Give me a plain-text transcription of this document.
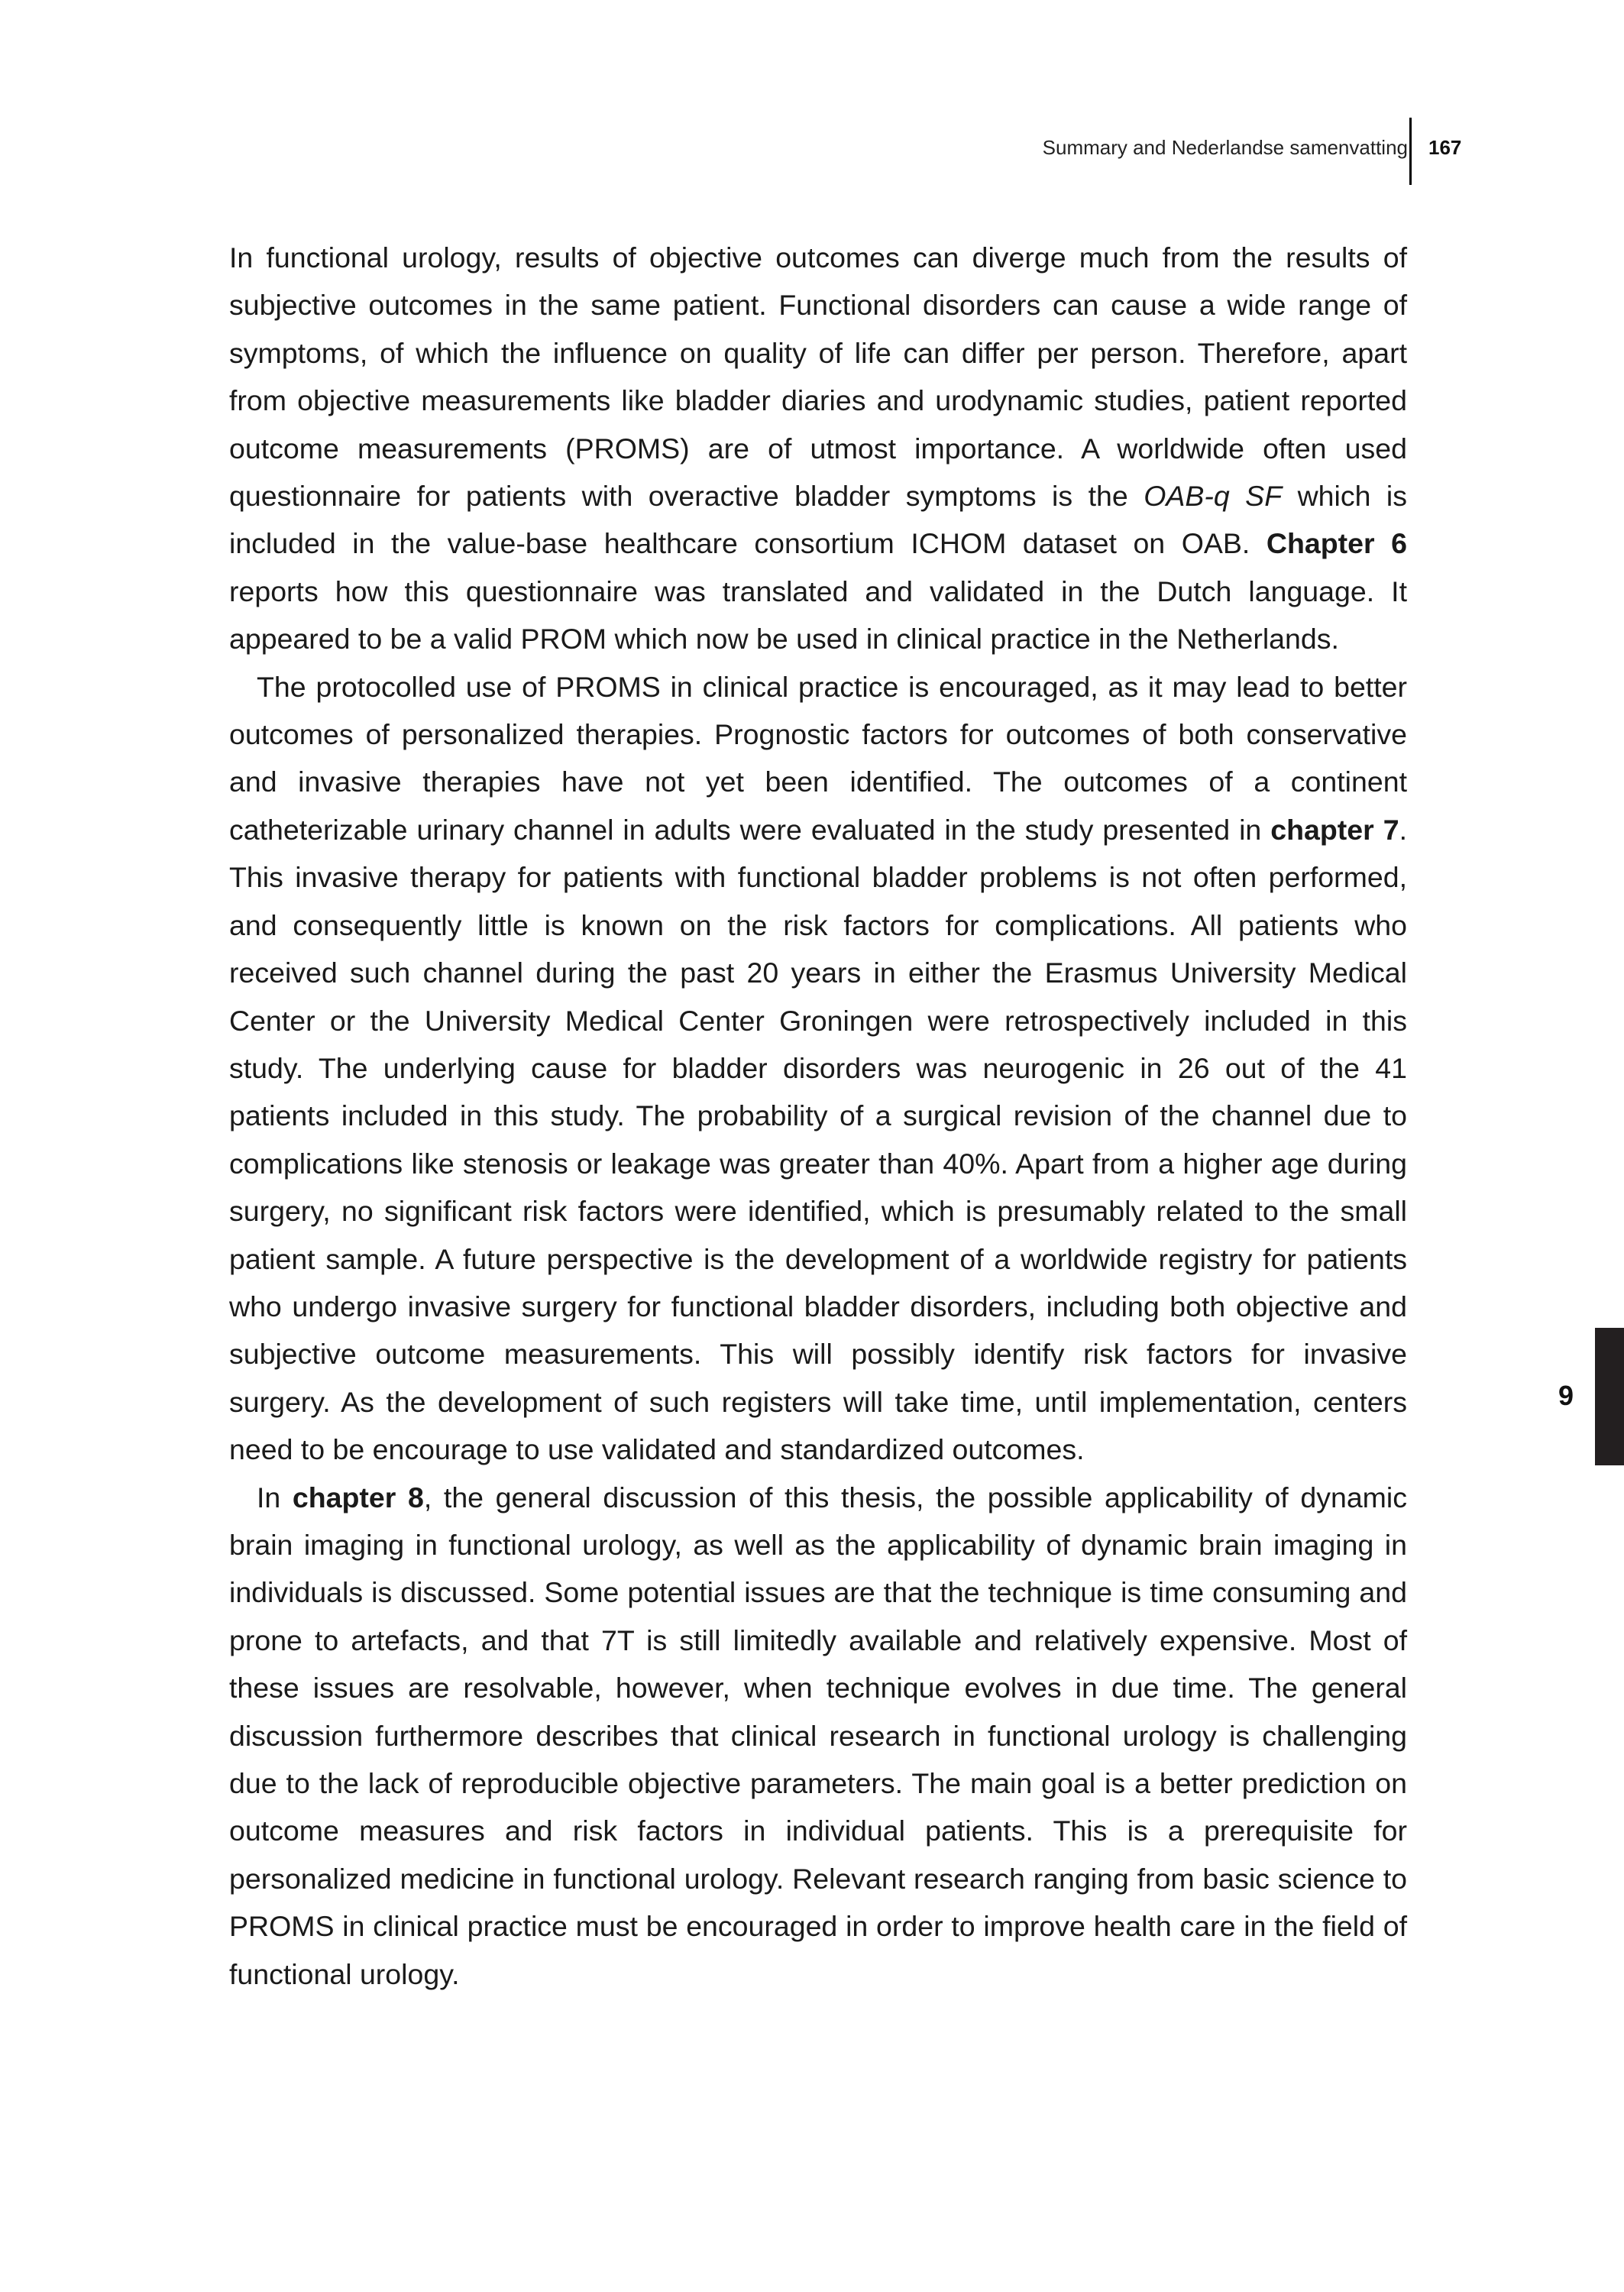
Summary and Nederlandse samenvatting 167

In functional urology, results of objective outcomes can diverge much from the results of subjective outcomes in the same patient. Functional disorders can cause a wide range of symptoms, of which the influence on quality of life can differ per person. Therefore, apart from objective measurements like bladder diaries and urodynamic studies, patient reported outcome measurements (PROMS) are of utmost importance. A worldwide often used questionnaire for patients with overactive bladder symptoms is the OAB-q SF which is included in the value-base healthcare consortium ICHOM dataset on OAB. Chapter 6 reports how this questionnaire was translated and validated in the Dutch language. It appeared to be a valid PROM which now be used in clinical practice in the Netherlands.

The protocolled use of PROMS in clinical practice is encouraged, as it may lead to better outcomes of personalized therapies. Prognostic factors for outcomes of both conservative and invasive therapies have not yet been identified. The outcomes of a continent catheterizable urinary channel in adults were evaluated in the study presented in chapter 7. This invasive therapy for patients with functional bladder problems is not often performed, and consequently little is known on the risk factors for complications. All patients who received such channel during the past 20 years in either the Erasmus University Medical Center or the University Medical Center Groningen were retrospectively included in this study. The underlying cause for bladder disorders was neurogenic in 26 out of the 41 patients included in this study. The probability of a surgical revision of the channel due to complications like stenosis or leakage was greater than 40%. Apart from a higher age during surgery, no significant risk factors were identified, which is presumably related to the small patient sample. A future perspective is the development of a worldwide registry for patients who undergo invasive surgery for functional bladder disorders, including both objective and subjective outcome measurements. This will possibly identify risk factors for invasive surgery. As the development of such registers will take time, until implementation, centers need to be encourage to use validated and standardized outcomes.

In chapter 8, the general discussion of this thesis, the possible applicability of dynamic brain imaging in functional urology, as well as the applicability of dynamic brain imaging in individuals is discussed. Some potential issues are that the technique is time consuming and prone to artefacts, and that 7T is still limitedly available and relatively expensive. Most of these issues are resolvable, however, when technique evolves in due time. The general discussion furthermore describes that clinical research in functional urology is challenging due to the lack of reproducible objective parameters. The main goal is a better prediction on outcome measures and risk factors in individual patients. This is a prerequisite for personalized medicine in functional urology. Relevant research ranging from basic science to PROMS in clinical practice must be encouraged in order to improve health care in the field of functional urology.

9
